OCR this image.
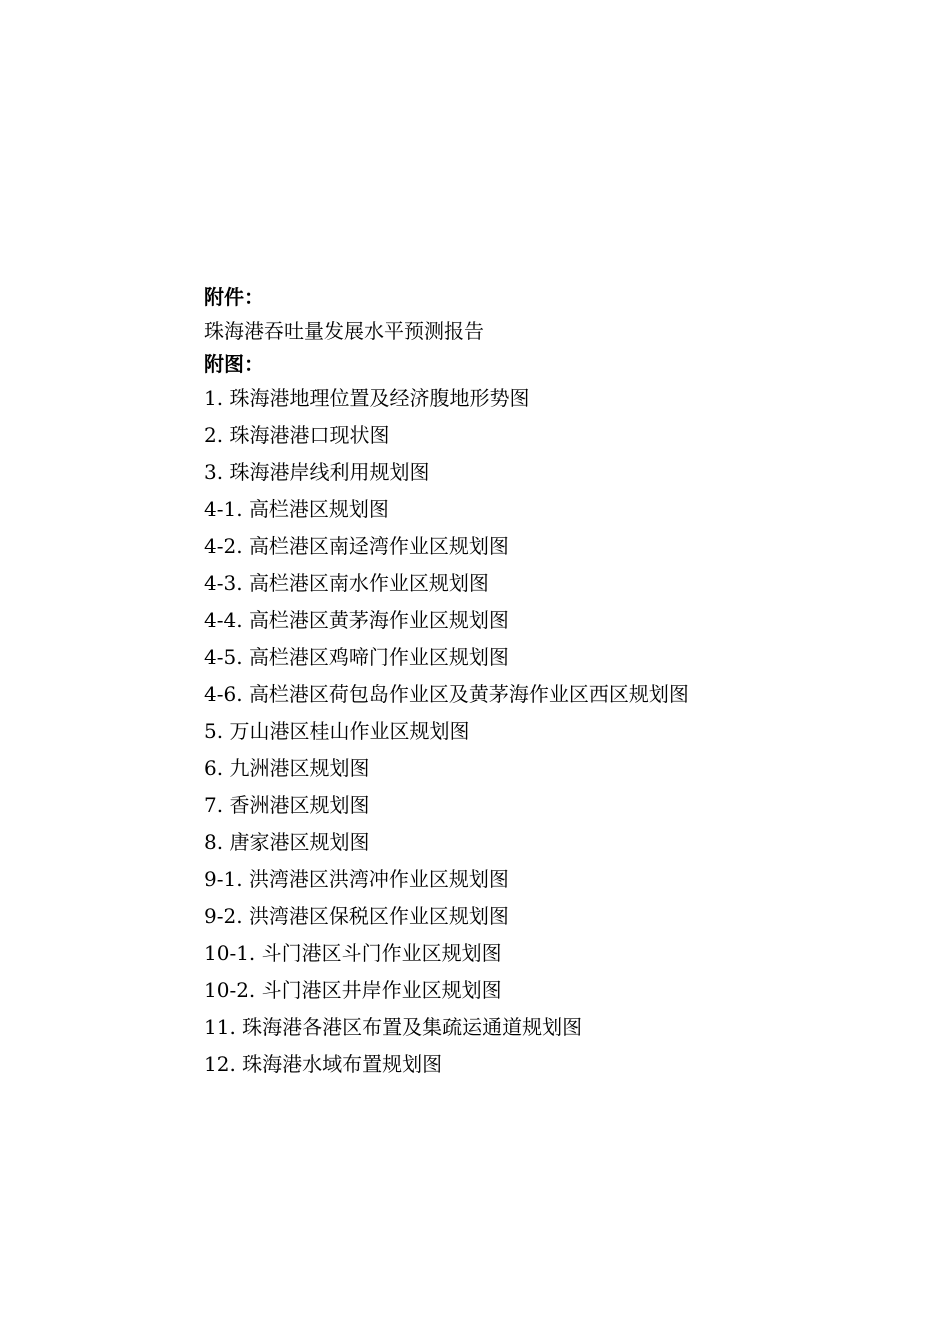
附件：
珠海港吞吐量发展水平预测报告
附图：
1. 珠海港地理位置及经济腹地形势图
2. 珠海港港口现状图
3. 珠海港岸线利用规划图
4-1. 高栏港区规划图
4-2. 高栏港区南迳湾作业区规划图
4-3. 高栏港区南水作业区规划图
4-4. 高栏港区黄茅海作业区规划图
4-5. 高栏港区鸡啼门作业区规划图
4-6. 高栏港区荷包岛作业区及黄茅海作业区西区规划图
5. 万山港区桂山作业区规划图
6. 九洲港区规划图
7. 香洲港区规划图
8. 唐家港区规划图
9-1. 洪湾港区洪湾冲作业区规划图
9-2. 洪湾港区保税区作业区规划图
10-1. 斗门港区斗门作业区规划图
10-2. 斗门港区井岸作业区规划图
11. 珠海港各港区布置及集疏运通道规划图
12. 珠海港水域布置规划图
